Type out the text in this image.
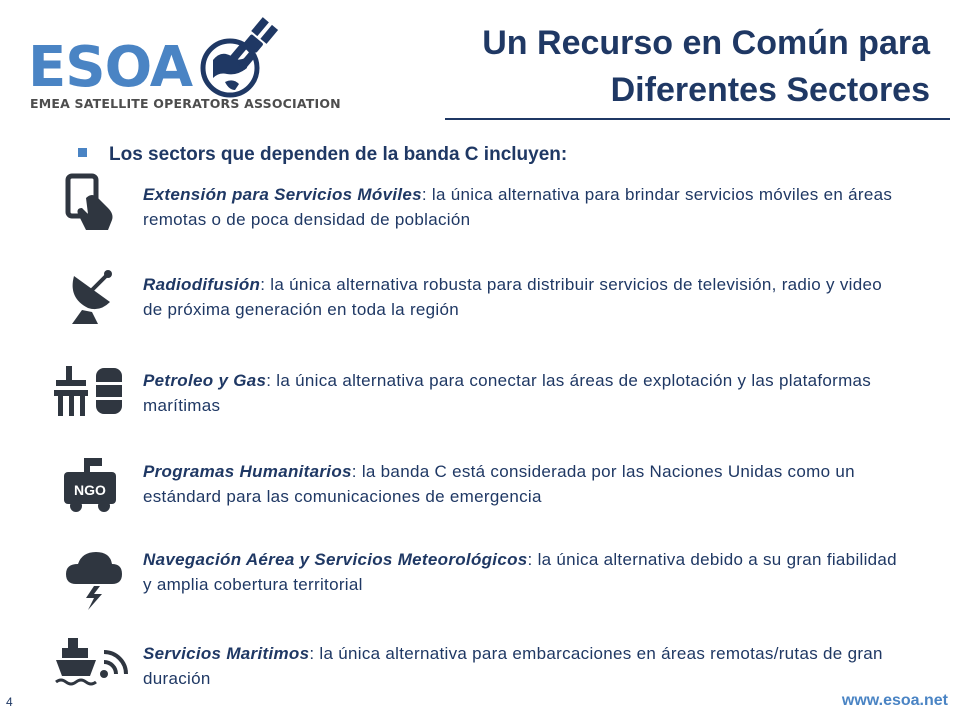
ESOA
EMEA SATELLITE OPERATORS ASSOCIATION
Un Recurso en Común para
Diferentes Sectores
Los sectors que dependen de la banda C incluyen:
Extensión para Servicios Móviles: la única alternativa para brindar servicios móviles en áreas remotas o de poca densidad de población
Radiodifusión: la única alternativa robusta para distribuir servicios de televisión, radio y video de próxima generación en toda la región
Petroleo y Gas: la única alternativa para conectar las áreas de explotación y las plataformas marítimas
NGO
Programas Humanitarios: la banda C está considerada por las Naciones Unidas como un estándard para las comunicaciones de emergencia
Navegación Aérea y Servicios Meteorológicos: la única alternativa debido a su gran fiabilidad y amplia cobertura territorial
Servicios Maritimos: la única alternativa para embarcaciones en áreas remotas/rutas de gran duración
4	www.esoa.net
